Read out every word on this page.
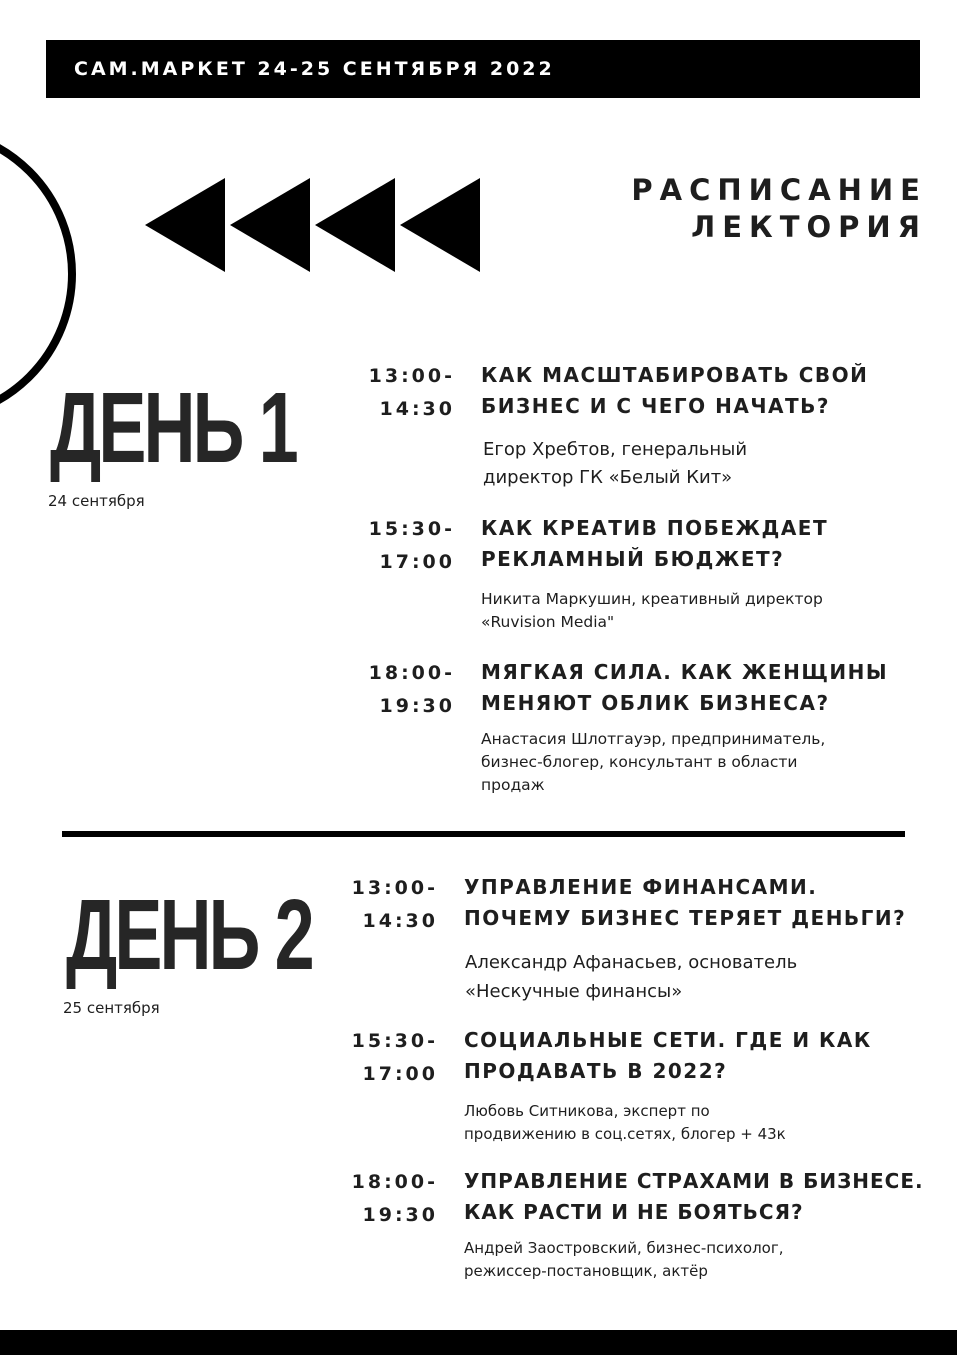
САМ.МАРКЕТ 24-25 СЕНТЯБРЯ 2022
РАСПИСАНИЕ
ЛЕКТОРИЯ
ДЕНЬ 1
24 сентября
13:00-
14:30
КАК МАСШТАБИРОВАТЬ СВОЙ
БИЗНЕС И С ЧЕГО НАЧАТЬ?
Егор Хребтов, генеральный
директор ГК «Белый Кит»
15:30-
17:00
КАК КРЕАТИВ ПОБЕЖДАЕТ
РЕКЛАМНЫЙ БЮДЖЕТ?
Никита Маркушин, креативный директор
«Ruvision Media"
18:00-
19:30
МЯГКАЯ СИЛА. КАК ЖЕНЩИНЫ
МЕНЯЮТ ОБЛИК БИЗНЕСА?
Анастасия Шлотгауэр, предприниматель,
бизнес-блогер, консультант в области
продаж
ДЕНЬ 2
25 сентября
13:00-
14:30
УПРАВЛЕНИЕ ФИНАНСАМИ.
ПОЧЕМУ БИЗНЕС ТЕРЯЕТ ДЕНЬГИ?
Александр Афанасьев, основатель
«Нескучные финансы»
15:30-
17:00
СОЦИАЛЬНЫЕ СЕТИ. ГДЕ И КАК
ПРОДАВАТЬ В 2022?
Любовь Ситникова, эксперт по
продвижению в соц.сетях, блогер + 43к
18:00-
19:30
УПРАВЛЕНИЕ СТРАХАМИ В БИЗНЕСЕ.
КАК РАСТИ И НЕ БОЯТЬСЯ?
Андрей Заостровский, бизнес-психолог,
режиссер-постановщик, актёр
